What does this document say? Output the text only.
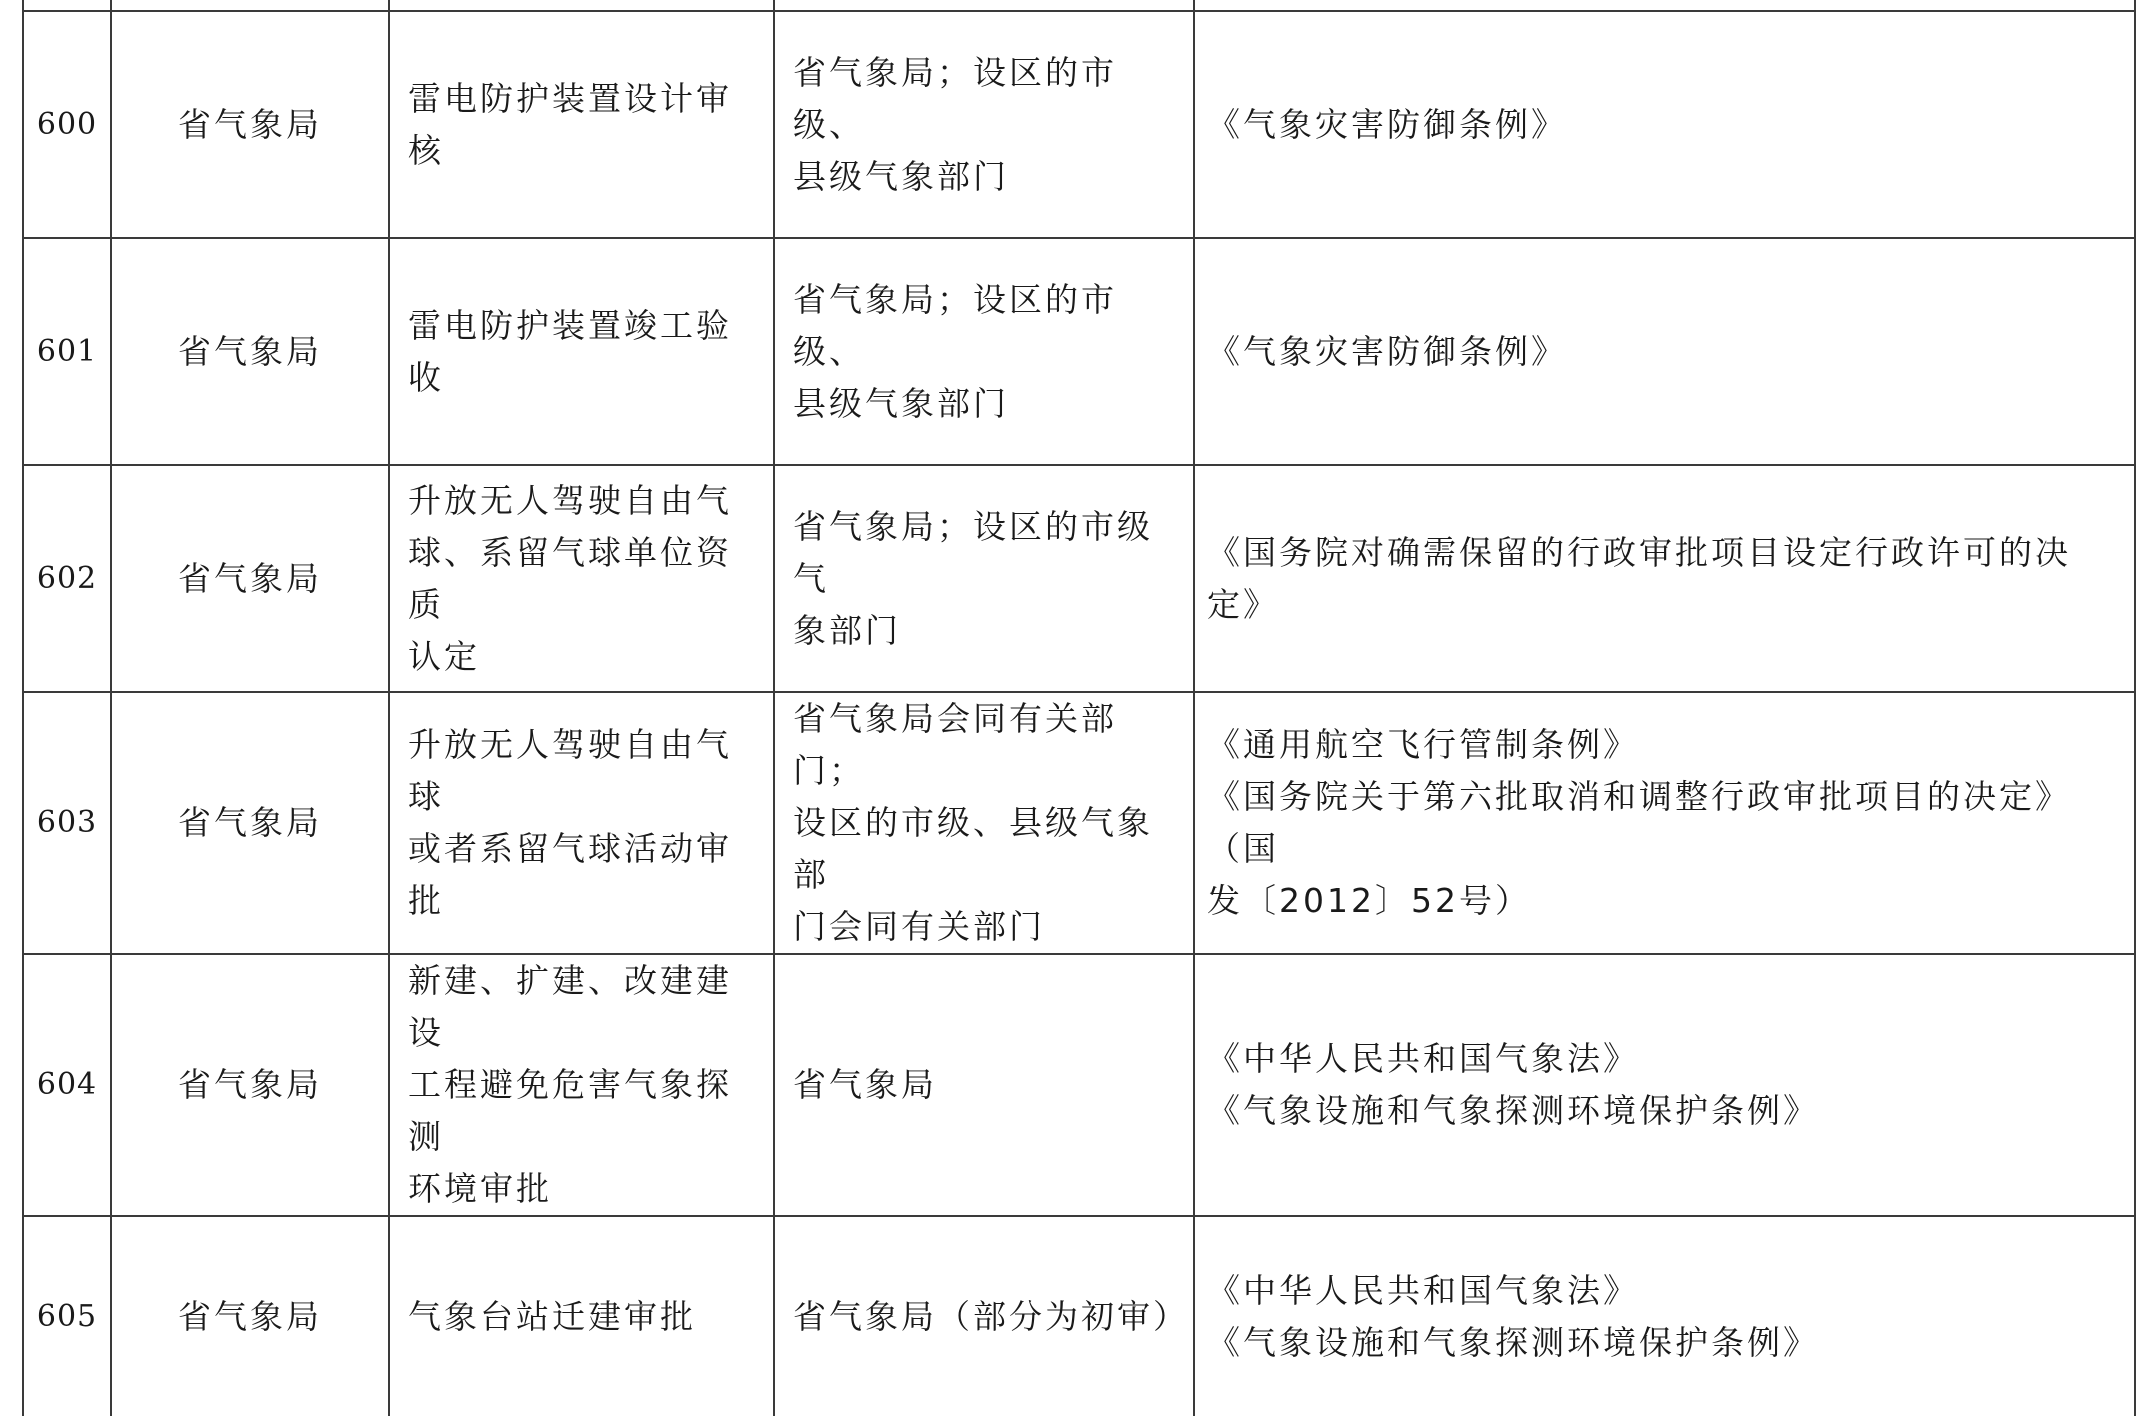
600	省气象局	雷电防护装置设计审核	省气象局；设区的市级、
县级气象部门	《气象灾害防御条例》

601	省气象局	雷电防护装置竣工验收	省气象局；设区的市级、
县级气象部门	《气象灾害防御条例》

602	省气象局	升放无人驾驶自由气
球、系留气球单位资质
认定	省气象局；设区的市级气
象部门	《国务院对确需保留的行政审批项目设定行政许可的决定》

603	省气象局	升放无人驾驶自由气球
或者系留气球活动审批	省气象局会同有关部门；
设区的市级、县级气象部
门会同有关部门	《通用航空飞行管制条例》
《国务院关于第六批取消和调整行政审批项目的决定》（国
发〔2012〕52号）

604	省气象局	新建、扩建、改建建设
工程避免危害气象探测
环境审批	省气象局	《中华人民共和国气象法》
《气象设施和气象探测环境保护条例》

605	省气象局	气象台站迁建审批	省气象局（部分为初审）	《中华人民共和国气象法》
《气象设施和气象探测环境保护条例》
